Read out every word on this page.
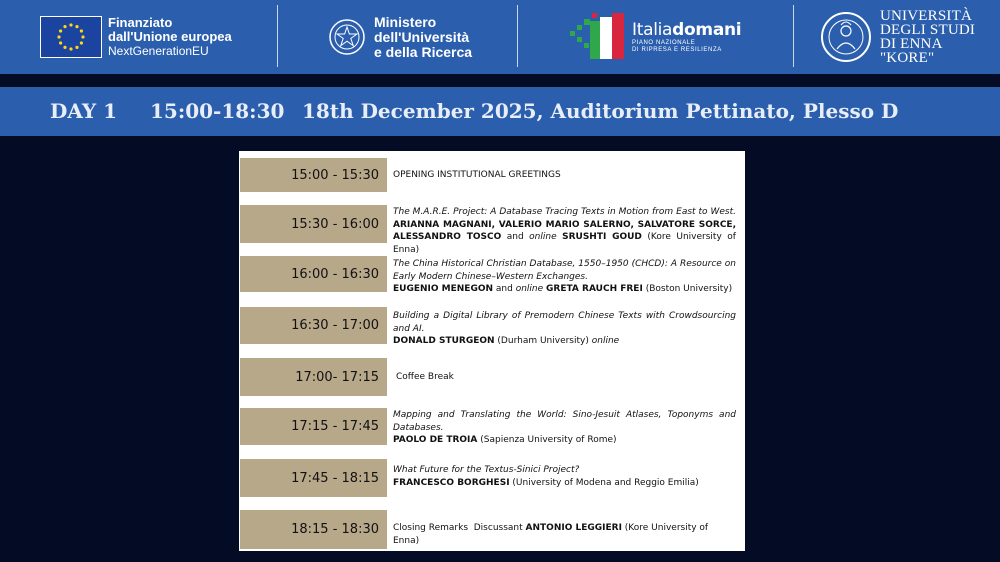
Finanziato
dall'Unione europea
NextGenerationEU
Ministero
dell'Università
e della Ricerca
Italiadomani
PIANO NAZIONALE
DI RIPRESA E RESILIENZA
UNIVERSITÀ
DEGLI STUDI
DI ENNA "KORE"
DAY 1 15:00-18:30 18th December 2025, Auditorium Pettinato, Plesso D
15:00 - 15:30	OPENING INSTITUTIONAL GREETINGS
15:30 - 16:00
The M.A.R.E. Project: A Database Tracing Texts in Motion from East to West. ARIANNA MAGNANI, VALERIO MARIO SALERNO, SALVATORE SORCE, ALESSANDRO TOSCO and online SRUSHTI GOUD (Kore University of Enna)
16:00 - 16:30
The China Historical Christian Database, 1550–1950 (CHCD): A Resource on Early Modern Chinese–Western Exchanges.
EUGENIO MENEGON and online GRETA RAUCH FREI (Boston University)
16:30 - 17:00
Building a Digital Library of Premodern Chinese Texts with Crowdsourcing and AI.
DONALD STURGEON (Durham University) online
17:00- 17:15	Coffee Break
17:15 - 17:45
Mapping and Translating the World: Sino-Jesuit Atlases, Toponyms and Databases.
PAOLO DE TROIA (Sapienza University of Rome)
17:45 - 18:15
What Future for the Textus-Sinici Project?
FRANCESCO BORGHESI (University of Modena and Reggio Emilia)
18:15 - 18:30	Closing Remarks  Discussant ANTONIO LEGGIERI (Kore University of Enna)
